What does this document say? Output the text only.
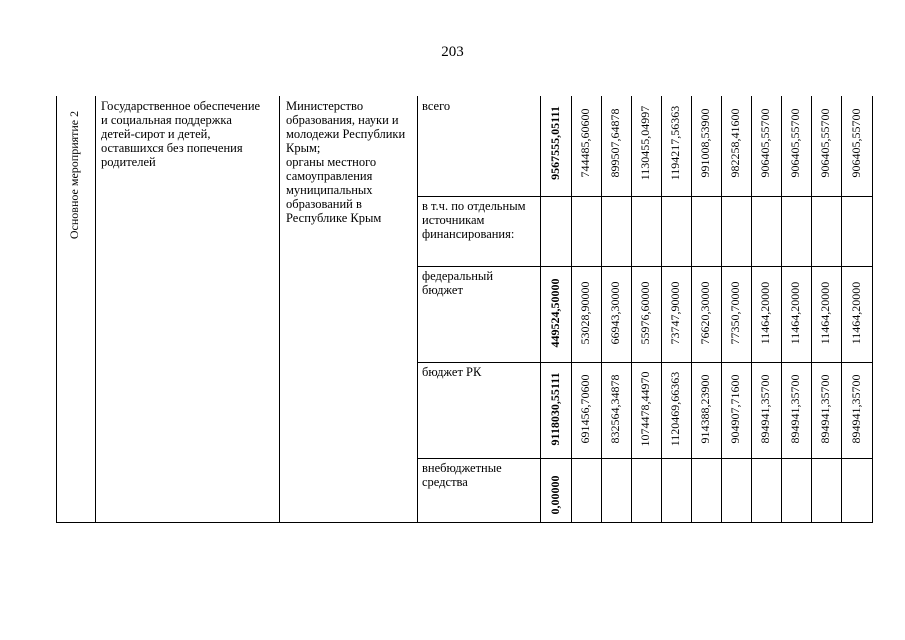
203
Основное мероприятие 2
Государственное обеспечение
и социальная поддержка
детей-сирот и детей,
оставшихся без попечения
родителей
Министерство
образования, науки и
молодежи Республики
Крым;
органы местного
самоуправления
муниципальных
образований в
Республике Крым
всего
9567555,05111 744485,60600 899507,64878 1130455,04997 1194217,56363 991008,53900 982258,41600 906405,55700 906405,55700 906405,55700 906405,55700
в т.ч. по отдельным
источникам
финансирования:
федеральный
бюджет	449524,50000 53028,90000 66943,30000 55976,60000 73747,90000 76620,30000 77350,70000 11464,20000 11464,20000 11464,20000 11464,20000
бюджет РК
9118030,55111 691456,70600 832564,34878 1074478,44970 1120469,66363 914388,23900 904907,71600 894941,35700 894941,35700 894941,35700 894941,35700
внебюджетные
средства	0,00000
